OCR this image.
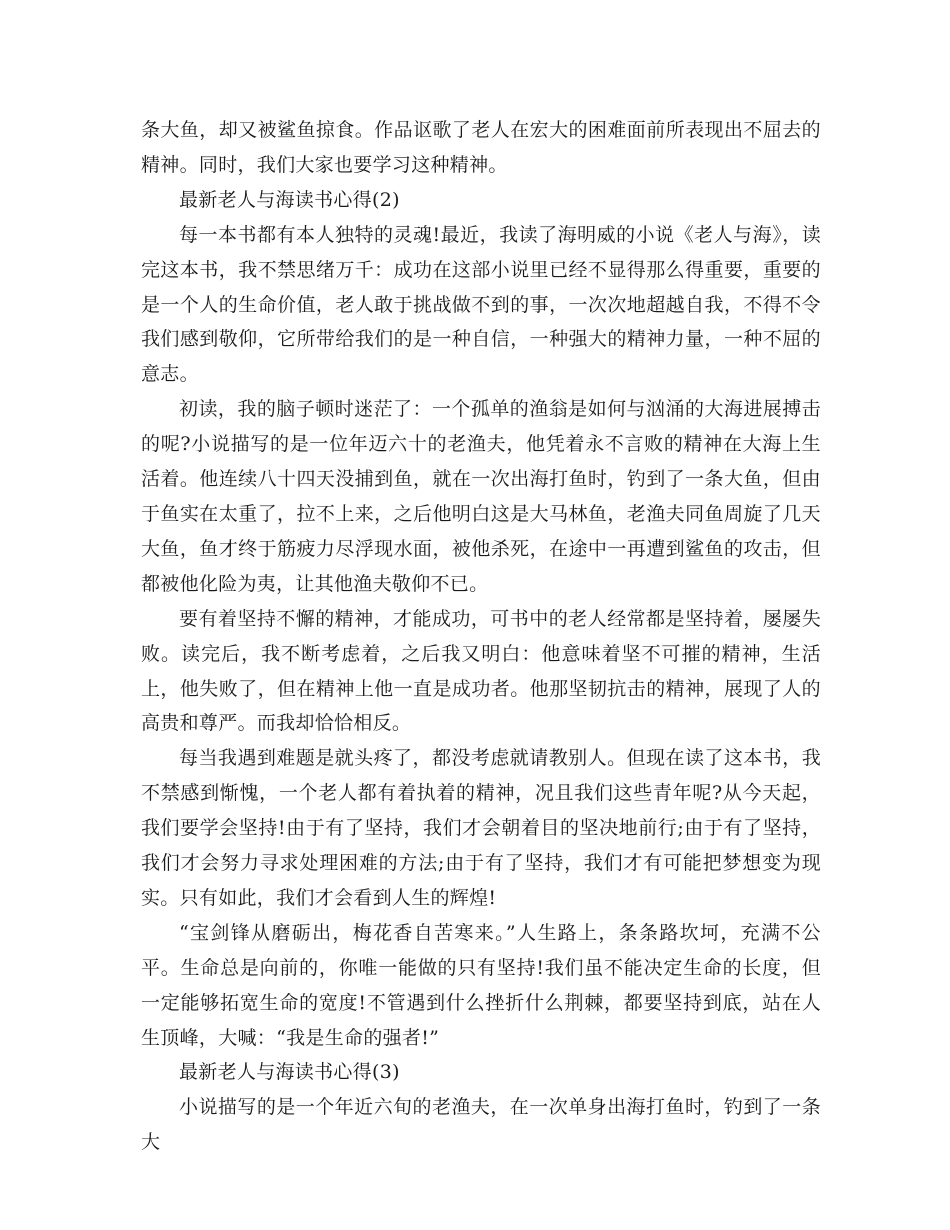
条大鱼，却又被鲨鱼掠食。作品讴歌了老人在宏大的困难面前所表现出不屈去的精神。同时，我们大家也要学习这种精神。

最新老人与海读书心得(2)

每一本书都有本人独特的灵魂!最近，我读了海明威的小说《老人与海》，读完这本书，我不禁思绪万千：成功在这部小说里已经不显得那么得重要，重要的是一个人的生命价值，老人敢于挑战做不到的事，一次次地超越自我，不得不令我们感到敬仰，它所带给我们的是一种自信，一种强大的精神力量，一种不屈的意志。

初读，我的脑子顿时迷茫了：一个孤单的渔翁是如何与汹涌的大海进展搏击的呢?小说描写的是一位年迈六十的老渔夫，他凭着永不言败的精神在大海上生活着。他连续八十四天没捕到鱼，就在一次出海打鱼时，钓到了一条大鱼，但由于鱼实在太重了，拉不上来，之后他明白这是大马林鱼，老渔夫同鱼周旋了几天大鱼，鱼才终于筋疲力尽浮现水面，被他杀死，在途中一再遭到鲨鱼的攻击，但都被他化险为夷，让其他渔夫敬仰不已。

要有着坚持不懈的精神，才能成功，可书中的老人经常都是坚持着，屡屡失败。读完后，我不断考虑着，之后我又明白：他意味着坚不可摧的精神，生活上，他失败了，但在精神上他一直是成功者。他那坚韧抗击的精神，展现了人的高贵和尊严。而我却恰恰相反。

每当我遇到难题是就头疼了，都没考虑就请教别人。但现在读了这本书，我不禁感到惭愧，一个老人都有着执着的精神，况且我们这些青年呢?从今天起，我们要学会坚持!由于有了坚持，我们才会朝着目的坚决地前行;由于有了坚持，我们才会努力寻求处理困难的方法;由于有了坚持，我们才有可能把梦想变为现实。只有如此，我们才会看到人生的辉煌!

“宝剑锋从磨砺出，梅花香自苦寒来。”人生路上，条条路坎坷，充满不公平。生命总是向前的，你唯一能做的只有坚持!我们虽不能决定生命的长度，但一定能够拓宽生命的宽度!不管遇到什么挫折什么荆棘，都要坚持到底，站在人生顶峰，大喊：“我是生命的强者!”

最新老人与海读书心得(3)

小说描写的是一个年近六旬的老渔夫，在一次单身出海打鱼时，钓到了一条大
